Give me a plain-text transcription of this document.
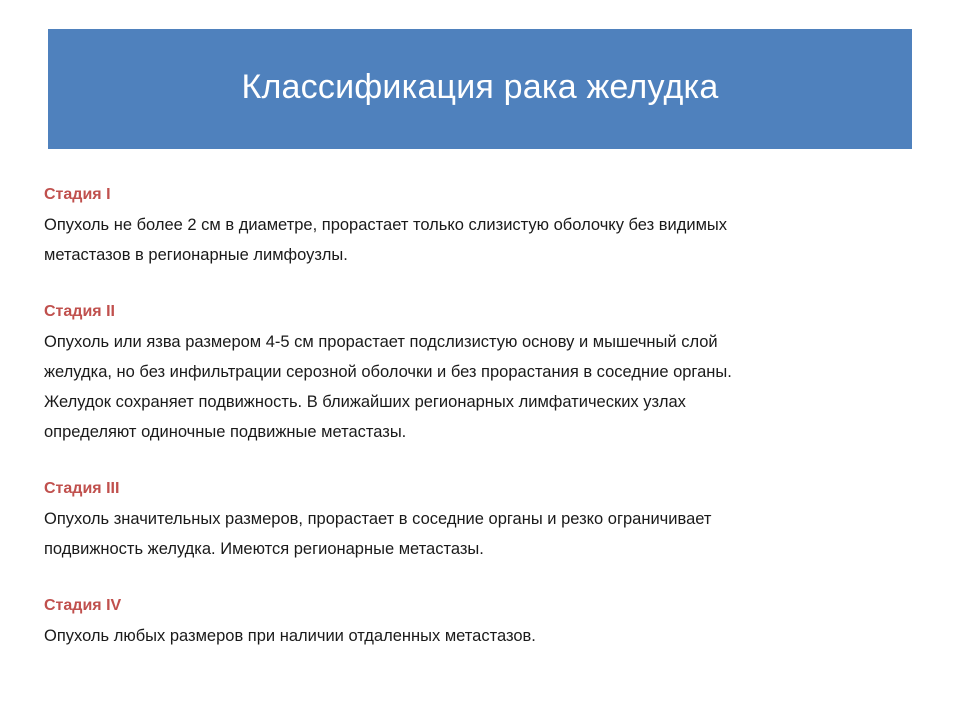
Классификация рака желудка
Стадия I
Опухоль не более 2 см в диаметре, прорастает только слизистую оболочку без видимых
метастазов в регионарные лимфоузлы.
Стадия II
Опухоль или язва размером 4-5 см прорастает подслизистую основу и мышечный слой
желудка, но без инфильтрации серозной оболочки и без прорастания в соседние органы.
Желудок сохраняет подвижность. В ближайших регионарных лимфатических узлах
определяют одиночные подвижные метастазы.
Стадия III
Опухоль значительных размеров, прорастает в соседние органы и резко ограничивает
подвижность желудка. Имеются регионарные метастазы.
Стадия IV
Опухоль любых размеров при наличии отдаленных метастазов.
